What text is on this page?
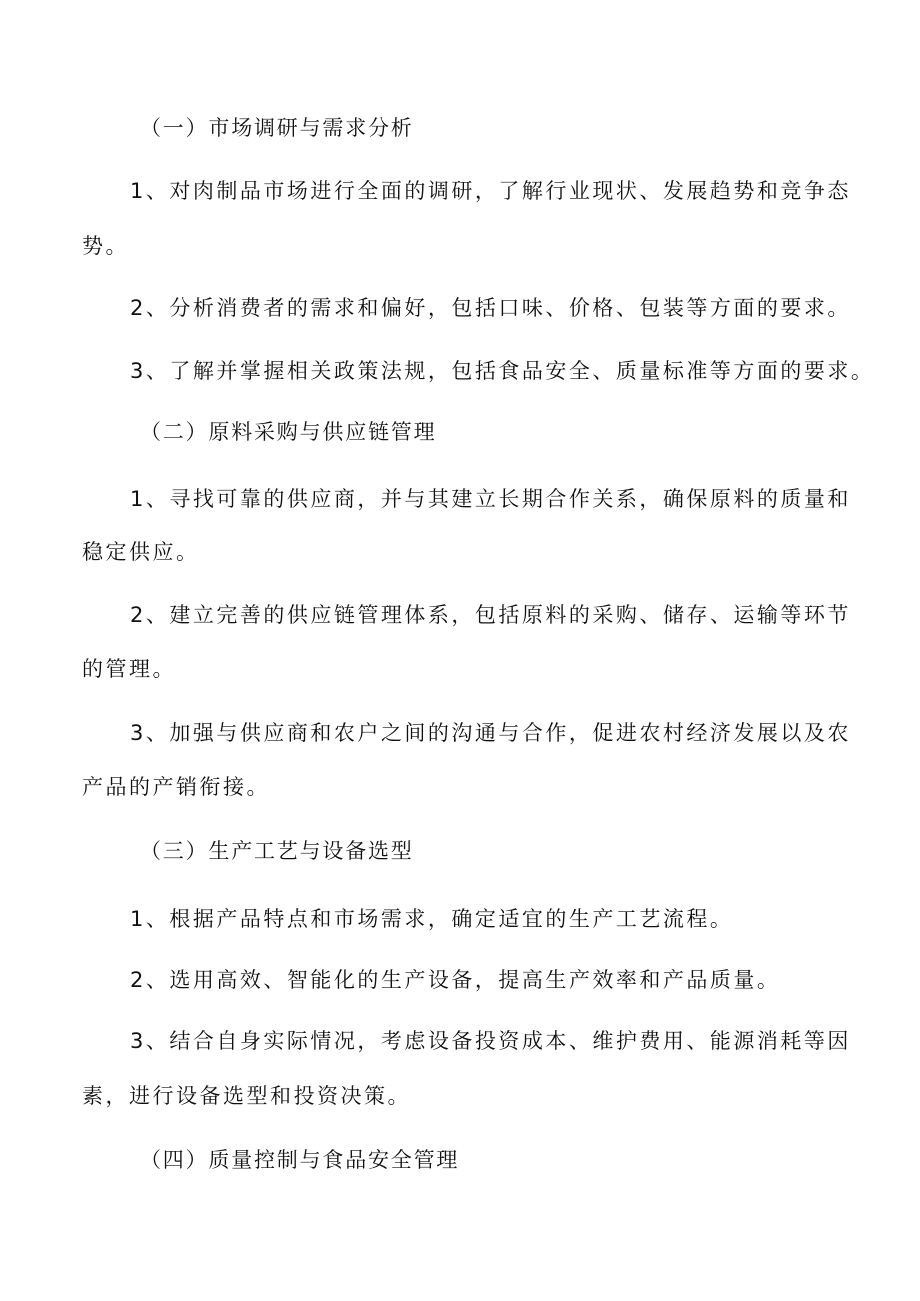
（一）市场调研与需求分析
1、对肉制品市场进行全面的调研，了解行业现状、发展趋势和竞争态
势。
2、分析消费者的需求和偏好，包括口味、价格、包装等方面的要求。
3、了解并掌握相关政策法规，包括食品安全、质量标准等方面的要求。
（二）原料采购与供应链管理
1、寻找可靠的供应商，并与其建立长期合作关系，确保原料的质量和
稳定供应。
2、建立完善的供应链管理体系，包括原料的采购、储存、运输等环节
的管理。
3、加强与供应商和农户之间的沟通与合作，促进农村经济发展以及农
产品的产销衔接。
（三）生产工艺与设备选型
1、根据产品特点和市场需求，确定适宜的生产工艺流程。
2、选用高效、智能化的生产设备，提高生产效率和产品质量。
3、结合自身实际情况，考虑设备投资成本、维护费用、能源消耗等因
素，进行设备选型和投资决策。
（四）质量控制与食品安全管理
